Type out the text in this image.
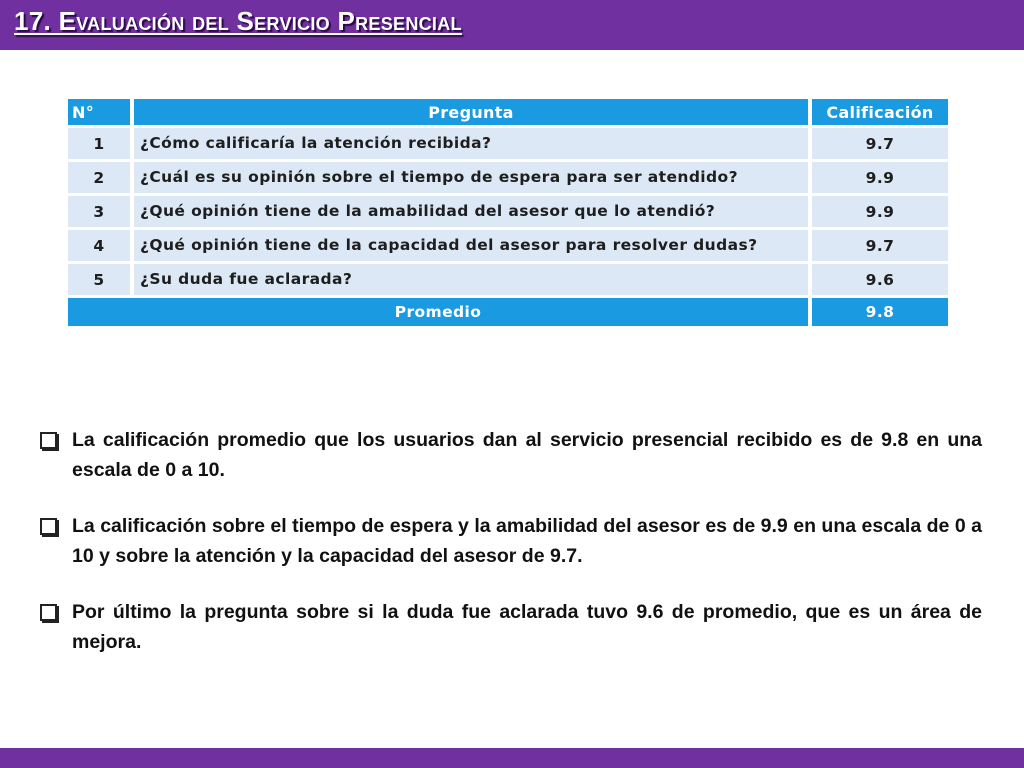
17. Evaluación del Servicio Presencial
N°	Pregunta	Calificación
1	¿Cómo calificaría la atención recibida?	9.7
2	¿Cuál es su opinión sobre el tiempo de espera para ser atendido?	9.9
3	¿Qué opinión tiene de la amabilidad del asesor que lo atendió?	9.9
4	¿Qué opinión tiene de la capacidad del asesor para resolver dudas?	9.7
5	¿Su duda fue aclarada?	9.6
Promedio		9.8
La calificación promedio que los usuarios dan al servicio presencial recibido es de 9.8 en una escala de 0 a 10.
La calificación sobre el tiempo de espera y la amabilidad del asesor es de 9.9 en una escala de 0 a 10 y sobre la atención y la capacidad del asesor de 9.7.
Por último la pregunta sobre si la duda fue aclarada tuvo 9.6 de promedio, que es un área de mejora.
